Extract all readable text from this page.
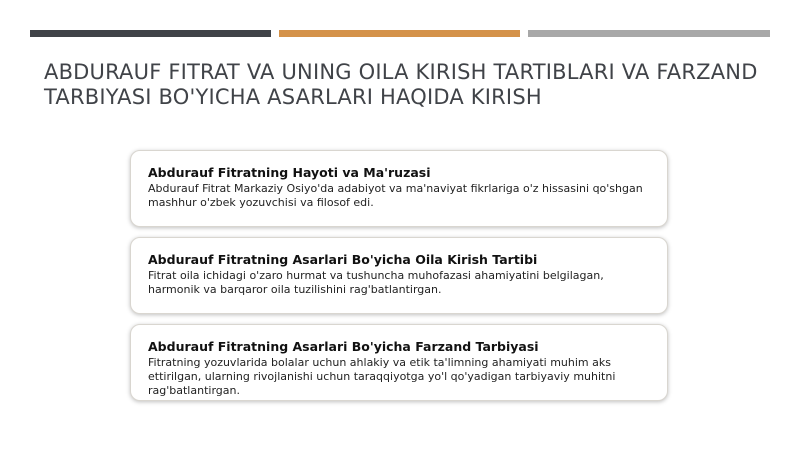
ABDURAUF FITRAT VA UNING OILA KIRISH TARTIBLARI VA FARZAND TARBIYASI BO'YICHA ASARLARI HAQIDA KIRISH
Abdurauf Fitratning Hayoti va Ma'ruzasi
Abdurauf Fitrat Markaziy Osiyo'da adabiyot va ma'naviyat fikrlariga o'z hissasini qo'shgan mashhur o'zbek yozuvchisi va filosof edi.
Abdurauf Fitratning Asarlari Bo'yicha Oila Kirish Tartibi
Fitrat oila ichidagi o'zaro hurmat va tushuncha muhofazasi ahamiyatini belgilagan, harmonik va barqaror oila tuzilishini rag'batlantirgan.
Abdurauf Fitratning Asarlari Bo'yicha Farzand Tarbiyasi
Fitratning yozuvlarida bolalar uchun ahlakiy va etik ta'limning ahamiyati muhim aks ettirilgan, ularning rivojlanishi uchun taraqqiyotga yo'l qo'yadigan tarbiyaviy muhitni rag'batlantirgan.
